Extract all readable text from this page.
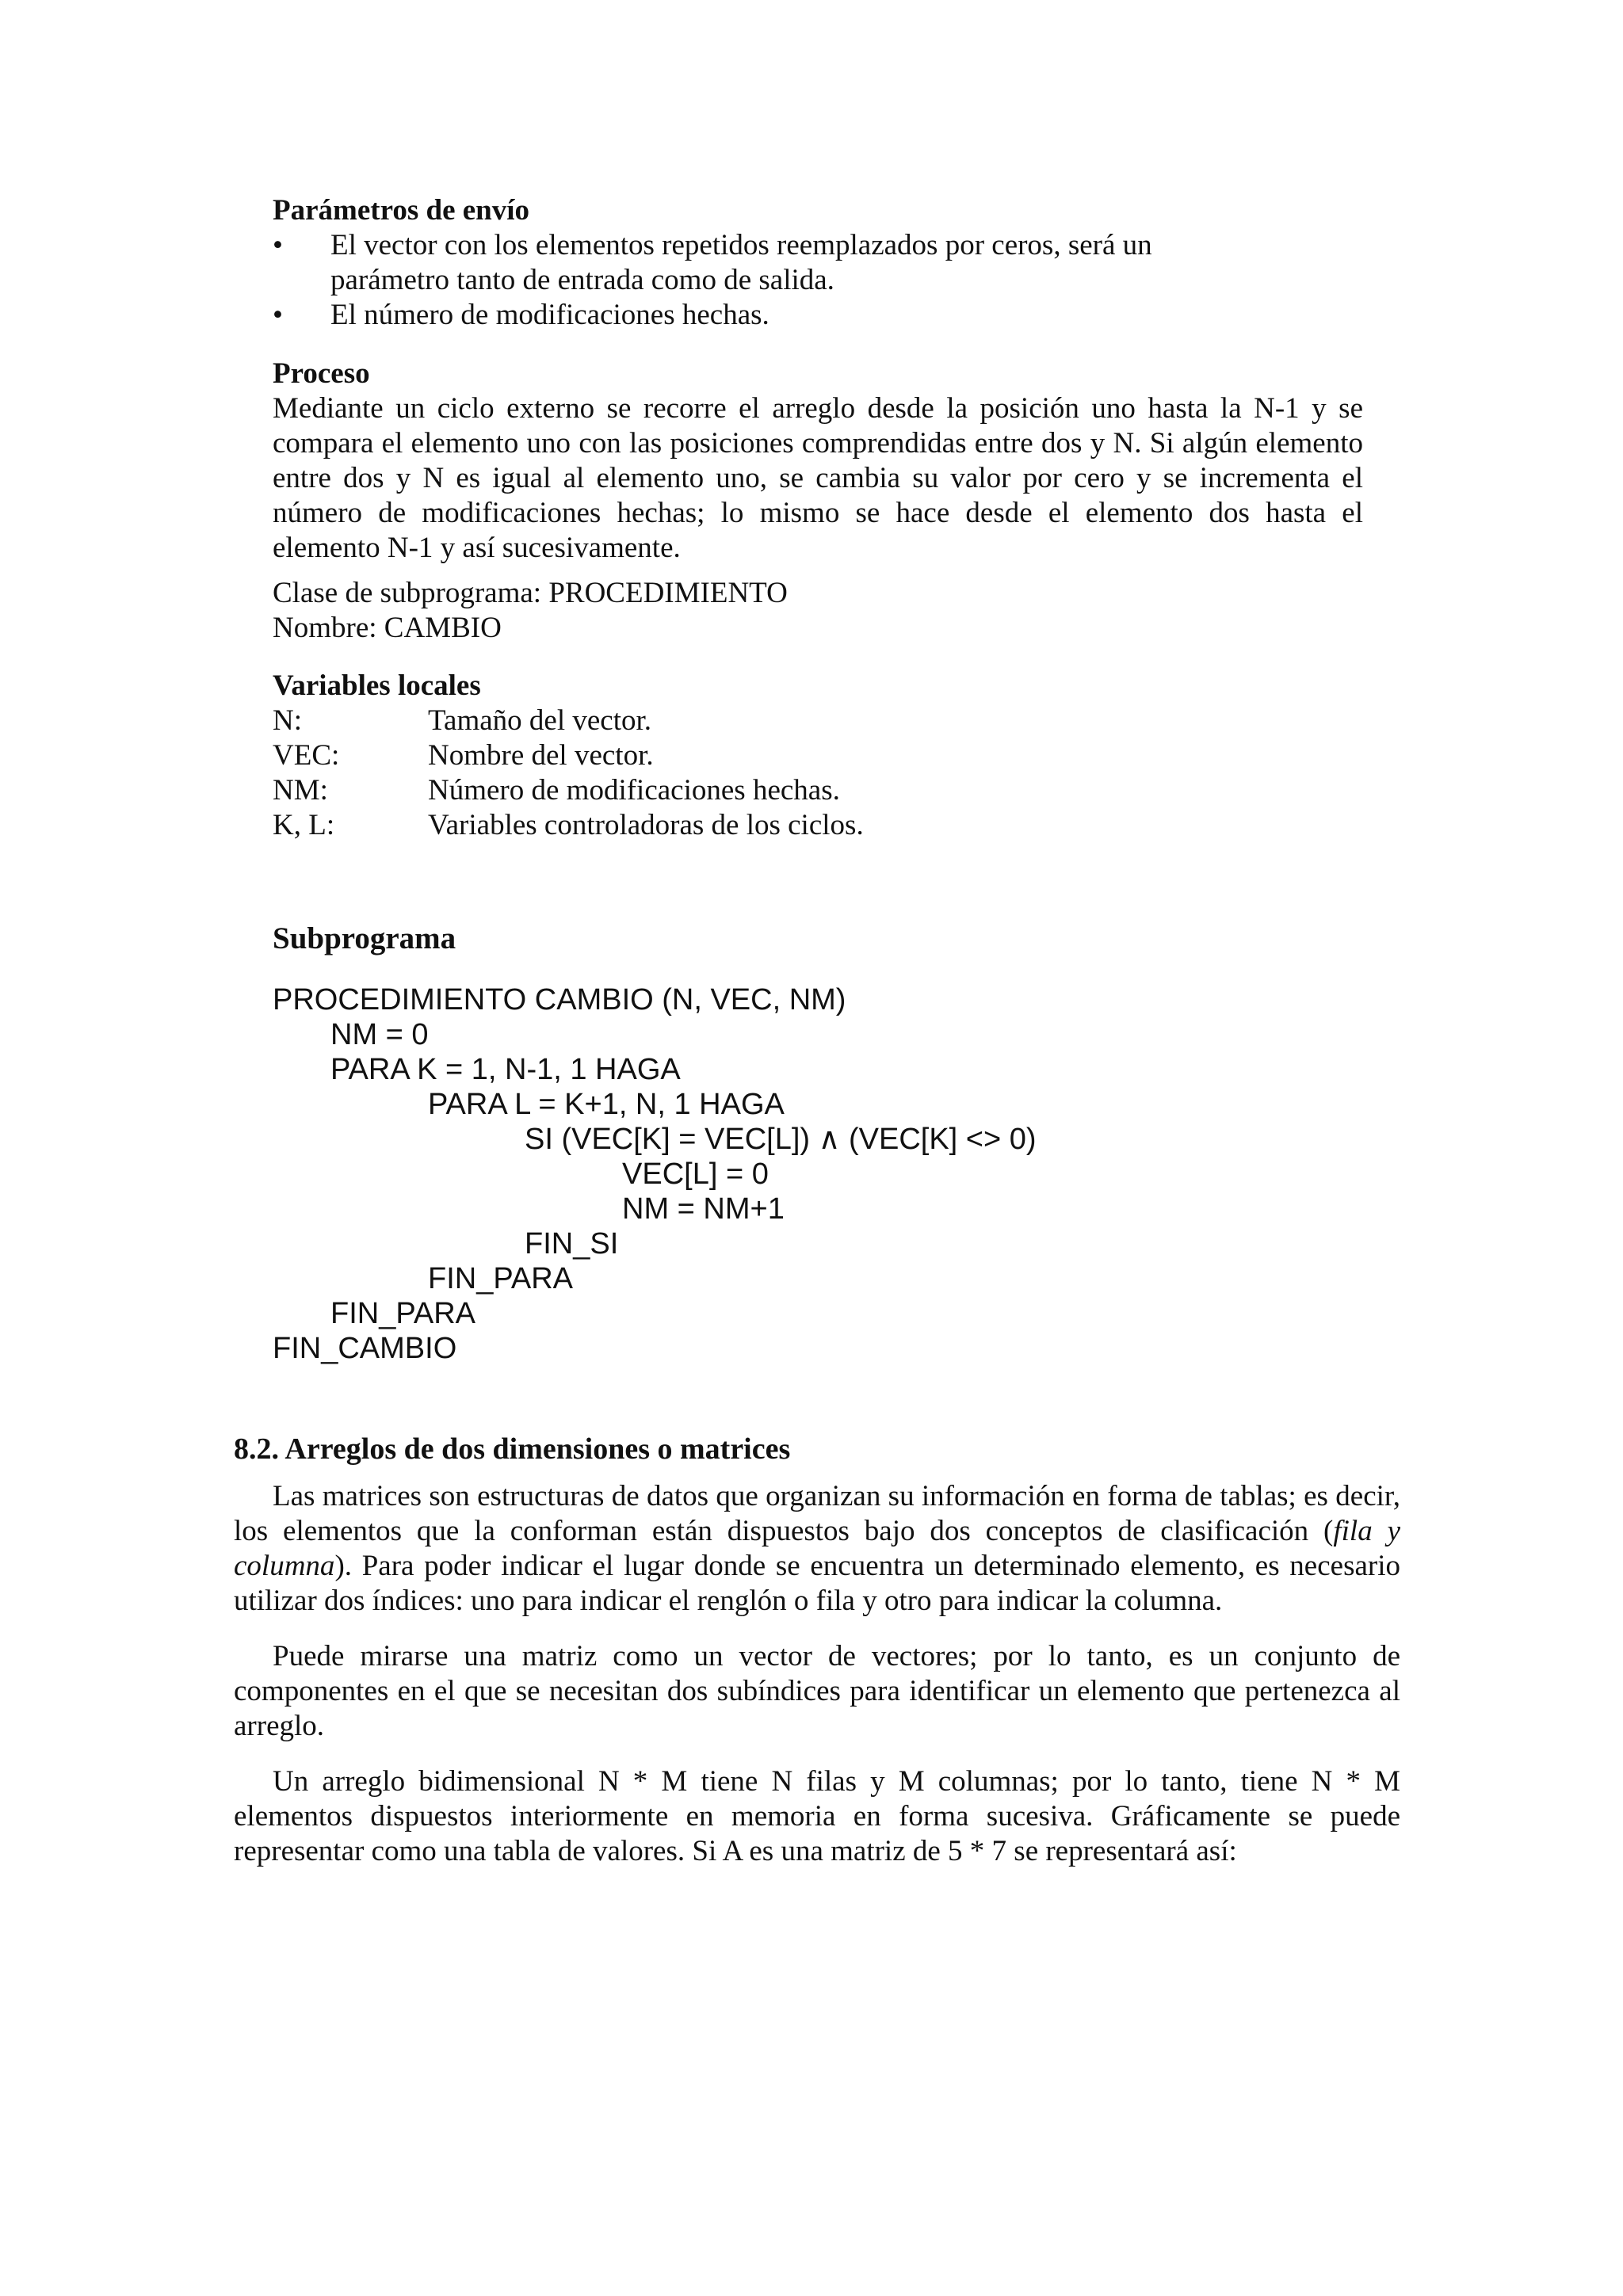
Parámetros de envío
• El vector con los elementos repetidos reemplazados por ceros, será un
parámetro tanto de entrada como de salida.
• El número de modificaciones hechas.
Proceso
Mediante un ciclo externo se recorre el arreglo desde la posición uno hasta la N-1 y se compara el elemento uno con las posiciones comprendidas entre dos y N. Si algún elemento entre dos y N es igual al elemento uno, se cambia su valor por cero y se incrementa el número de modificaciones hechas; lo mismo se hace desde el elemento dos hasta el elemento N-1 y así sucesivamente.
Clase de subprograma: PROCEDIMIENTO
Nombre: CAMBIO
Variables locales
N:	Tamaño del vector.
VEC:	Nombre del vector.
NM:	Número de modificaciones hechas.
K, L:	Variables controladoras de los ciclos.
Subprograma
PROCEDIMIENTO CAMBIO (N, VEC, NM)
NM = 0
PARA K = 1, N-1, 1 HAGA
PARA L = K+1, N, 1 HAGA
SI (VEC[K] = VEC[L]) ∧ (VEC[K] <> 0)
VEC[L] = 0
NM = NM+1
FIN_SI
FIN_PARA
FIN_PARA
FIN_CAMBIO
8.2. Arreglos de dos dimensiones o matrices

Las matrices son estructuras de datos que organizan su información en forma de tablas; es decir, los elementos que la conforman están dispuestos bajo dos conceptos de clasificación (fila y columna). Para poder indicar el lugar donde se encuentra un determinado elemento, es necesario utilizar dos índices: uno para indicar el renglón o fila y otro para indicar la columna.

Puede mirarse una matriz como un vector de vectores; por lo tanto, es un conjunto de componentes en el que se necesitan dos subíndices para identificar un elemento que pertenezca al arreglo.

Un arreglo bidimensional N * M tiene N filas y M columnas; por lo tanto, tiene N * M elementos dispuestos interiormente en memoria en forma sucesiva. Gráficamente se puede representar como una tabla de valores. Si A es una matriz de 5 * 7 se representará así:
